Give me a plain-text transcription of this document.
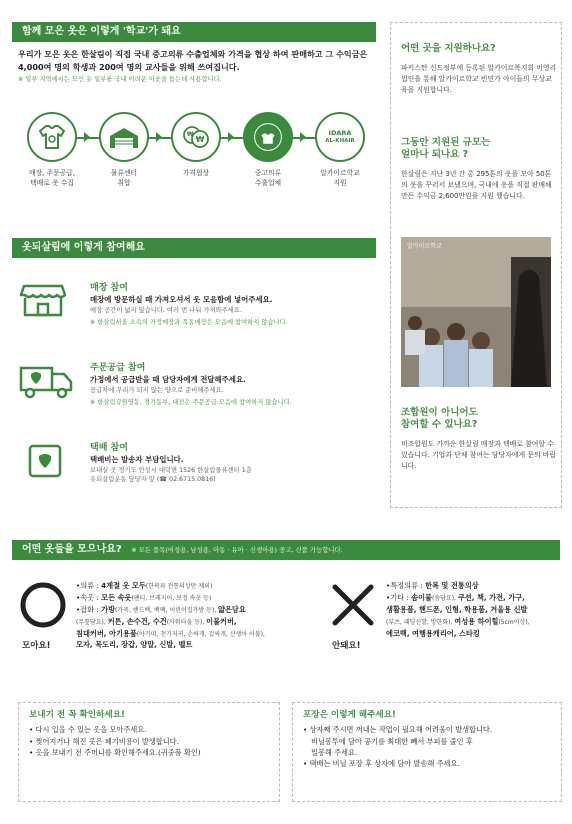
함께 모은 옷은 이렇게 '학교'가 돼요

우리가 모은 옷은 한살림이 직접 국내 중고의류 수출업체와 가격을 협상 하여 판매하고 그 수익금은 4,000여 명의 학생과 200여 명의 교사들을 위해 쓰여집니다.

※ 일부 지역에서는 모인 옷 일부를 국내 어려운 이웃을 돕는데 사용합니다.
매장, 주문공급,
택배로 옷 수집
물류센터
취합
₩
₩
가격협상	중고의류
수출업체
IDARA
AL-KHAIR
알카이르학교
지원
옷되살림에 이렇게 참여해요
매장 참여
매장에 방문하실 때 가져오셔서 옷 모음함에 넣어주세요.
매장 공간이 넓지 않습니다. 여러 번 나눠 가져와주세요.
※ 한살림서울 소속의 가정매장과 목동매장은 모음에 참여하지 않습니다.
주문공급 참여
가정에서 공급받을 때 담당자에게 전달해주세요.
공급차에 무리가 되지 않는 양으로 준비해주세요.
※ 한살림강원영동, 경기동부, 대전은 주문공급 모음에 참여하지 않습니다.
택배 참여
택배비는 발송자 부담입니다.
보내실 곳 경기도 안성시 대덕면 1526 한살림물류센터 1층
옷되살림운동 담당자 앞 (☎ 02.6715.0816)
어떤 곳을 지원하나요?
파키스탄 신드정부에 등록된 알카이르복지회 비영리법인을 통해 알카이르학교 빈민가 아이들의 무상교육을 지원합니다.
그동안 지원된 규모는
얼마나 되나요 ?
한살림은 지난 3년 간 총 295톤의 옷을 모아 50톤의 옷을 꾸러서 보냈으며, 국내에 옷을 직접 판매해 만든 수익금 2,600만원을 지원 했습니다.
알카이르학교
조합원이 아니어도
참여할 수 있나요?
비조합원도 가까운 한살림 매장과 택배로 참여할 수 있습니다. 기업과 단체 참여는 담당자에게 문의 바랍니다.
어떤 옷들을 모으나요? ※ 모든 품목(여성용, 남성용, 아동 · 유아 · 신생아용) 중고, 신품 가능합니다.
모아요!
•의류 : 4계절 옷 모두(한복과 전통의상만 제외)
•속옷 : 모든 속옷(팬티, 브래지어, 보정 속옷 등)
•잡화 : 가방(가죽, 핸드백, 백팩, 어린이집가방 등), 얇은담요
(무릎담요), 커튼, 손수건, 수건(사워타올 등), 이불커버,
침대커버, 아기용품(아기띠, 천기저귀, 손싸개, 겉싸개, 신생아 이불),
모자, 목도리, 장갑, 양말, 신발, 벨트	안돼요!
•특정의류 : 한복 및 전통의상
•기타 : 솜이불(솜담요), 쿠션, 책, 가전, 가구,
생활용품, 핸드폰, 인형, 학용품, 겨울용 신발
(부츠, 패딩신발, 방한화), 여성용 하이힐(5cm이상),
에코백, 여행용캐리어, 스타킹
보내기 전 꼭 확인하세요!
• 다시 입을 수 있는 옷을 모아주세요.
• 찢어지거나 해진 옷은 폐기비용이 발생합니다.
• 옷을 보내기 전 주머니를 확인해주세요.(귀중품 확인)
포장은 이렇게 해주세요!
• 상자째 주시면 꺼내는 작업이 필요해 어려움이 발생합니다.
비닐봉투에 담아 공기를 최대한 빼서 부피를 줄인 후
밀봉해 주세요.
• 택배는 비닐 포장 후 상자에 담아 발송해 주세요.
